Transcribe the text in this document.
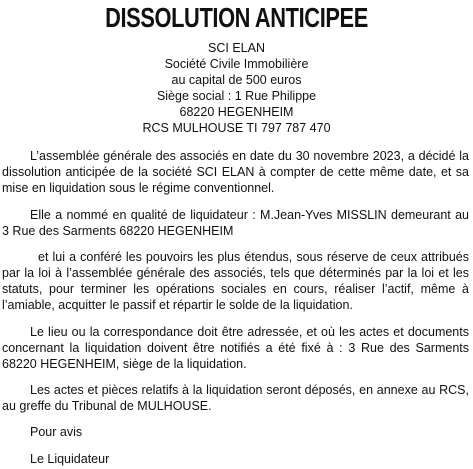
DISSOLUTION ANTICIPEE
SCI ELAN
Société Civile Immobilière
au capital de 500 euros
Siège social : 1 Rue Philippe
68220 HEGENHEIM
RCS MULHOUSE TI 797 787 470
L’assemblée générale des associés en date du 30 novembre 2023, a décidé la dissolution anticipée de la société SCI ELAN à compter de cette même date, et sa mise en liquidation sous le régime conventionnel.
Elle a nommé en qualité de liquidateur : M.Jean-Yves MISSLIN demeurant au 3 Rue des Sarments 68220 HEGENHEIM
et lui a conféré les pouvoirs les plus étendus, sous réserve de ceux attribués par la loi à l’assemblée générale des associés, tels que déterminés par la loi et les statuts, pour terminer les opérations sociales en cours, réaliser l’actif, même à l’amiable, acquitter le passif et répartir le solde de la liquidation.
Le lieu ou la correspondance doit être adressée, et où les actes et documents concernant la liquidation doivent être notifiés a été fixé à : 3 Rue des Sarments 68220 HEGENHEIM, siège de la liquidation.
Les actes et pièces relatifs à la liquidation seront déposés, en annexe au RCS, au greffe du Tribunal de MULHOUSE.
Pour avis
Le Liquidateur
